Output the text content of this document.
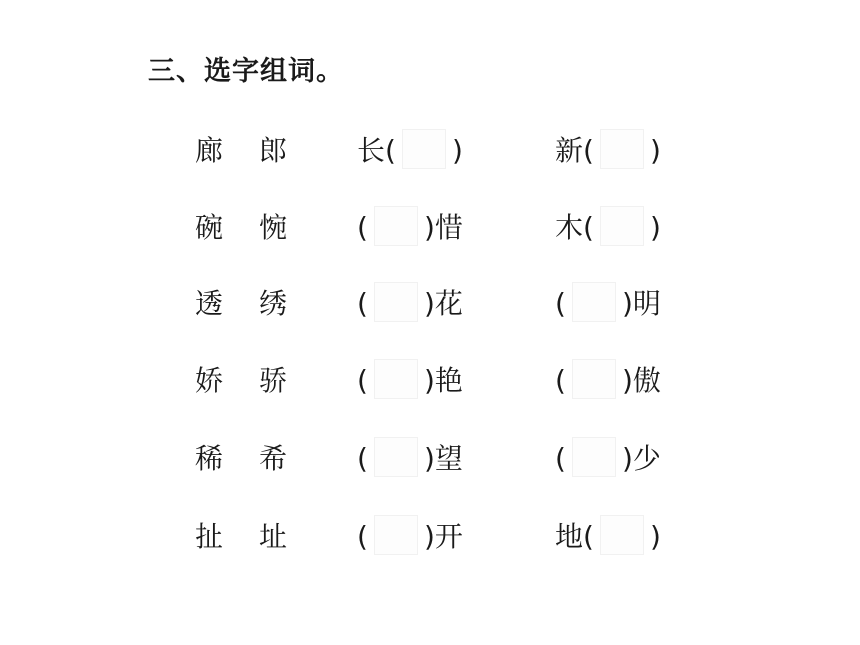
三、选字组词。
廊 郎 长( )	新( )
碗 惋 ( )惜	木( )
透 绣 ( )花	( )明
娇 骄 ( )艳	( )傲
稀 希 ( )望	( )少
扯 址 ( )开	地( )
